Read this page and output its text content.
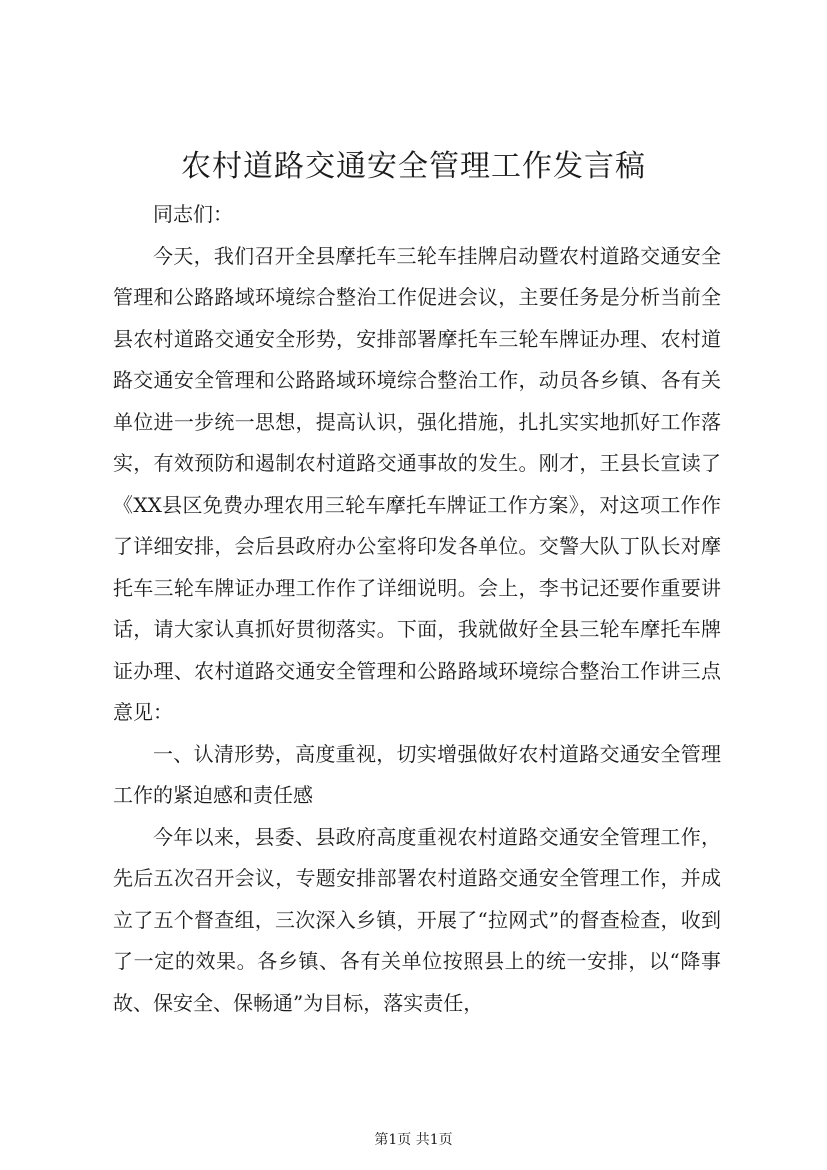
农村道路交通安全管理工作发言稿

同志们：

今天，我们召开全县摩托车三轮车挂牌启动暨农村道路交通安全管理和公路路域环境综合整治工作促进会议，主要任务是分析当前全县农村道路交通安全形势，安排部署摩托车三轮车牌证办理、农村道路交通安全管理和公路路域环境综合整治工作，动员各乡镇、各有关单位进一步统一思想，提高认识，强化措施，扎扎实实地抓好工作落实，有效预防和遏制农村道路交通事故的发生。刚才，王县长宣读了《XX县区免费办理农用三轮车摩托车牌证工作方案》，对这项工作作了详细安排，会后县政府办公室将印发各单位。交警大队丁队长对摩托车三轮车牌证办理工作作了详细说明。会上，李书记还要作重要讲话，请大家认真抓好贯彻落实。下面，我就做好全县三轮车摩托车牌证办理、农村道路交通安全管理和公路路域环境综合整治工作讲三点意见：

一、认清形势，高度重视，切实增强做好农村道路交通安全管理工作的紧迫感和责任感

今年以来，县委、县政府高度重视农村道路交通安全管理工作，先后五次召开会议，专题安排部署农村道路交通安全管理工作，并成立了五个督查组，三次深入乡镇，开展了“拉网式”的督查检查，收到了一定的效果。各乡镇、各有关单位按照县上的统一安排，以“降事故、保安全、保畅通”为目标，落实责任，

第1页 共1页
